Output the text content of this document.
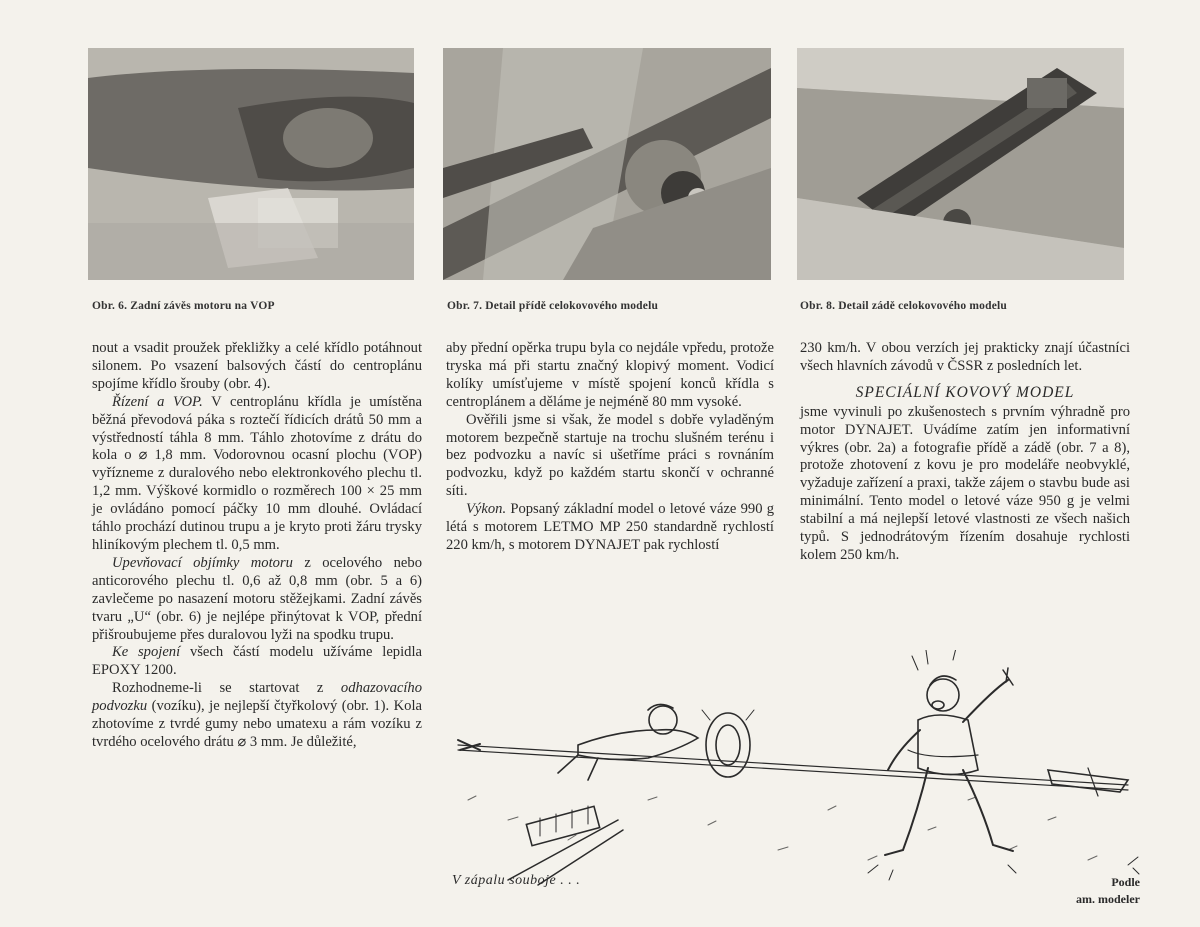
Obr. 6. Zadní závěs motoru na VOP	Obr. 7. Detail přídě celokovového modelu	Obr. 8. Detail zádě celokovového modelu

nout a vsadit proužek překližky a celé křídlo potáhnout silonem. Po vsazení balsových částí do centroplánu spojíme křídlo šrouby (obr. 4).

Řízení a VOP. V centroplánu křídla je umístěna běžná převodová páka s roztečí řídicích drátů 50 mm a výstředností táhla 8 mm. Táhlo zhotovíme z drátu do kola o ⌀ 1,8 mm. Vodorovnou ocasní plochu (VOP) vyřízneme z duralového nebo elektronkového plechu tl. 1,2 mm. Výškové kormidlo o rozměrech 100 × 25 mm je ovládáno pomocí páčky 10 mm dlouhé. Ovládací táhlo prochází dutinou trupu a je kryto proti žáru trysky hliníkovým plechem tl. 0,5 mm.

Upevňovací objímky motoru z ocelového nebo anticorového plechu tl. 0,6 až 0,8 mm (obr. 5 a 6) zavlečeme po nasazení motoru stěžejkami. Zadní závěs tvaru „U“ (obr. 6) je nejlépe přinýtovat k VOP, přední přišroubujeme přes duralovou lyži na spodku trupu.

Ke spojení všech částí modelu užíváme lepidla EPOXY 1200.

Rozhodneme-li se startovat z odhazovacího podvozku (vozíku), je nejlepší čtyřkolový (obr. 1). Kola zhotovíme z tvrdé gumy nebo umatexu a rám vozíku z tvrdého ocelového drátu ⌀ 3 mm. Je důležité,

aby přední opěrka trupu byla co nejdále vpředu, protože tryska má při startu značný klopivý moment. Vodicí kolíky umísťujeme v místě spojení konců křídla s centroplánem a děláme je nejméně 80 mm vysoké.

Ověřili jsme si však, že model s dobře vyladěným motorem bezpečně startuje na trochu slušném terénu i bez podvozku a navíc si ušetříme práci s rovnáním podvozku, když po každém startu skončí v ochranné síti.

Výkon. Popsaný základní model o letové váze 990 g létá s motorem LETMO MP 250 standardně rychlostí 220 km/h, s motorem DYNAJET pak rychlostí

230 km/h. V obou verzích jej prakticky znají účastníci všech hlavních závodů v ČSSR z posledních let.

SPECIÁLNÍ KOVOVÝ MODEL

jsme vyvinuli po zkušenostech s prvním výhradně pro motor DYNAJET. Uvádíme zatím jen informativní výkres (obr. 2a) a fotografie přídě a zádě (obr. 7 a 8), protože zhotovení z kovu je pro modeláře neobvyklé, vyžaduje zařízení a praxi, takže zájem o stavbu bude asi minimální. Tento model o letové váze 950 g je velmi stabilní a má nejlepší letové vlastnosti ze všech našich typů. S jednodrátovým řízením dosahuje rychlosti kolem 250 km/h.

V zápalu souboje . . .	Podle
am. modeler
